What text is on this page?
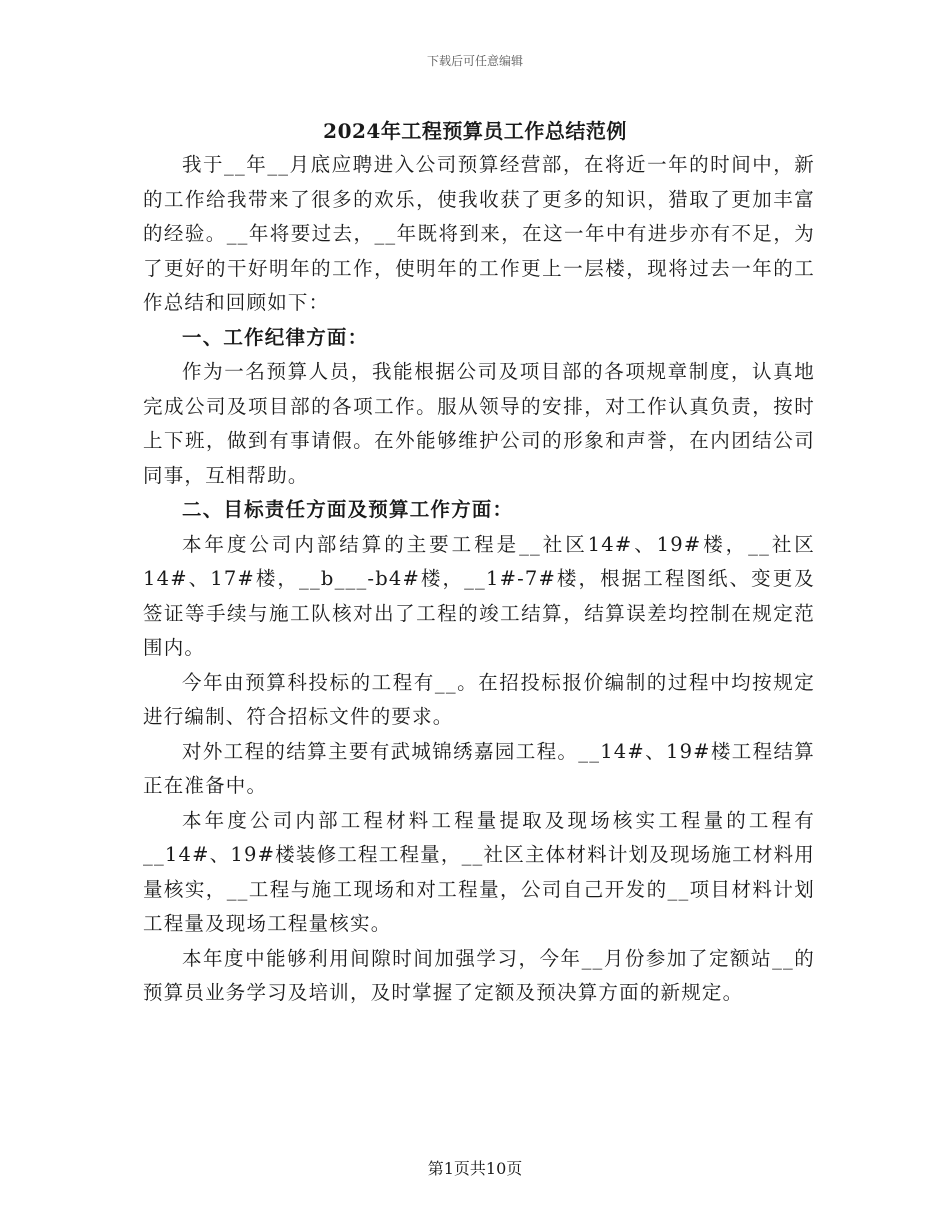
下载后可任意编辑
2024年工程预算员工作总结范例

我于__年__月底应聘进入公司预算经营部，在将近一年的时间中，新的工作给我带来了很多的欢乐，使我收获了更多的知识，猎取了更加丰富的经验。__年将要过去，__年既将到来，在这一年中有进步亦有不足，为了更好的干好明年的工作，使明年的工作更上一层楼，现将过去一年的工作总结和回顾如下：

一、工作纪律方面：

作为一名预算人员，我能根据公司及项目部的各项规章制度，认真地完成公司及项目部的各项工作。服从领导的安排，对工作认真负责，按时上下班，做到有事请假。在外能够维护公司的形象和声誉，在内团结公司同事，互相帮助。

二、目标责任方面及预算工作方面：

本年度公司内部结算的主要工程是__社区14#、19#楼，__社区14#、17#楼，__b___-b4#楼，__1#-7#楼，根据工程图纸、变更及签证等手续与施工队核对出了工程的竣工结算，结算误差均控制在规定范围内。

今年由预算科投标的工程有__。在招投标报价编制的过程中均按规定进行编制、符合招标文件的要求。

对外工程的结算主要有武城锦绣嘉园工程。__14#、19#楼工程结算正在准备中。

本年度公司内部工程材料工程量提取及现场核实工程量的工程有__14#、19#楼装修工程工程量，__社区主体材料计划及现场施工材料用量核实，__工程与施工现场和对工程量，公司自己开发的__项目材料计划工程量及现场工程量核实。

本年度中能够利用间隙时间加强学习，今年__月份参加了定额站__的预算员业务学习及培训，及时掌握了定额及预决算方面的新规定。

第1页共10页
